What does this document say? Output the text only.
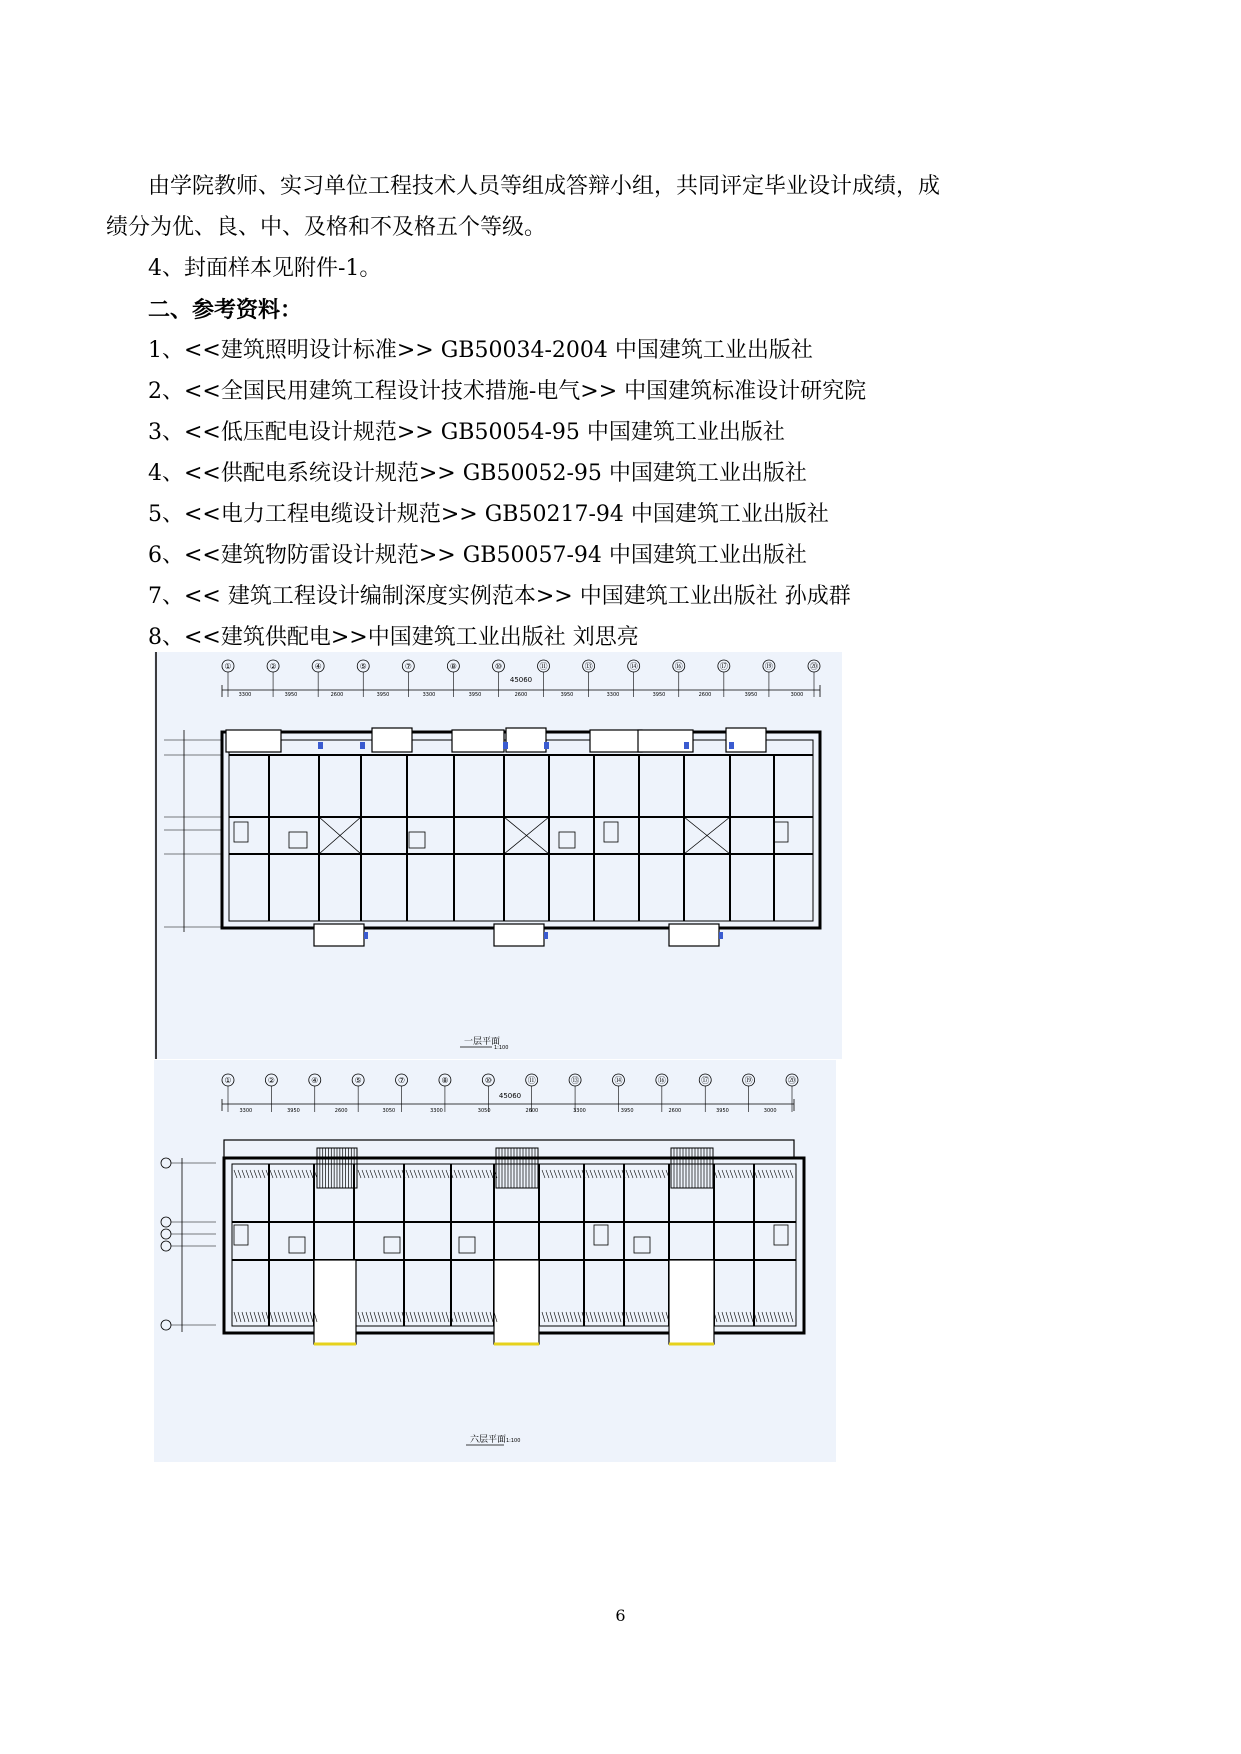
由学院教师、实习单位工程技术人员等组成答辩小组，共同评定毕业设计成绩，成
绩分为优、良、中、及格和不及格五个等级。
4、封面样本见附件-1。
二、参考资料：
1、<<建筑照明设计标准>> GB50034-2004 中国建筑工业出版社
2、<<全国民用建筑工程设计技术措施-电气>> 中国建筑标准设计研究院
3、<<低压配电设计规范>> GB50054-95 中国建筑工业出版社
4、<<供配电系统设计规范>> GB50052-95 中国建筑工业出版社
5、<<电力工程电缆设计规范>> GB50217-94 中国建筑工业出版社
6、<<建筑物防雷设计规范>> GB50057-94 中国建筑工业出版社
7、<< 建筑工程设计编制深度实例范本>> 中国建筑工业出版社 孙成群
8、<<建筑供配电>>中国建筑工业出版社 刘思亮
①	②	④	⑤	⑦	⑧	⑩	⑪	⑬	⑭	⑯	⑰	⑲	⑳
45060
3300	3950	2600	3950	3300	3950	2600	3950	3300	3950	2600	3950	3000
一层平面
1:100
①	②	④	⑤	⑦	⑧	⑩	⑪	⑬	⑭	⑯	⑰	⑲	⑳
45060
3300	3950	2600	3050	3300	3050	2600	3300	3950	2600	3950	3000
六层平面 1:100
6
